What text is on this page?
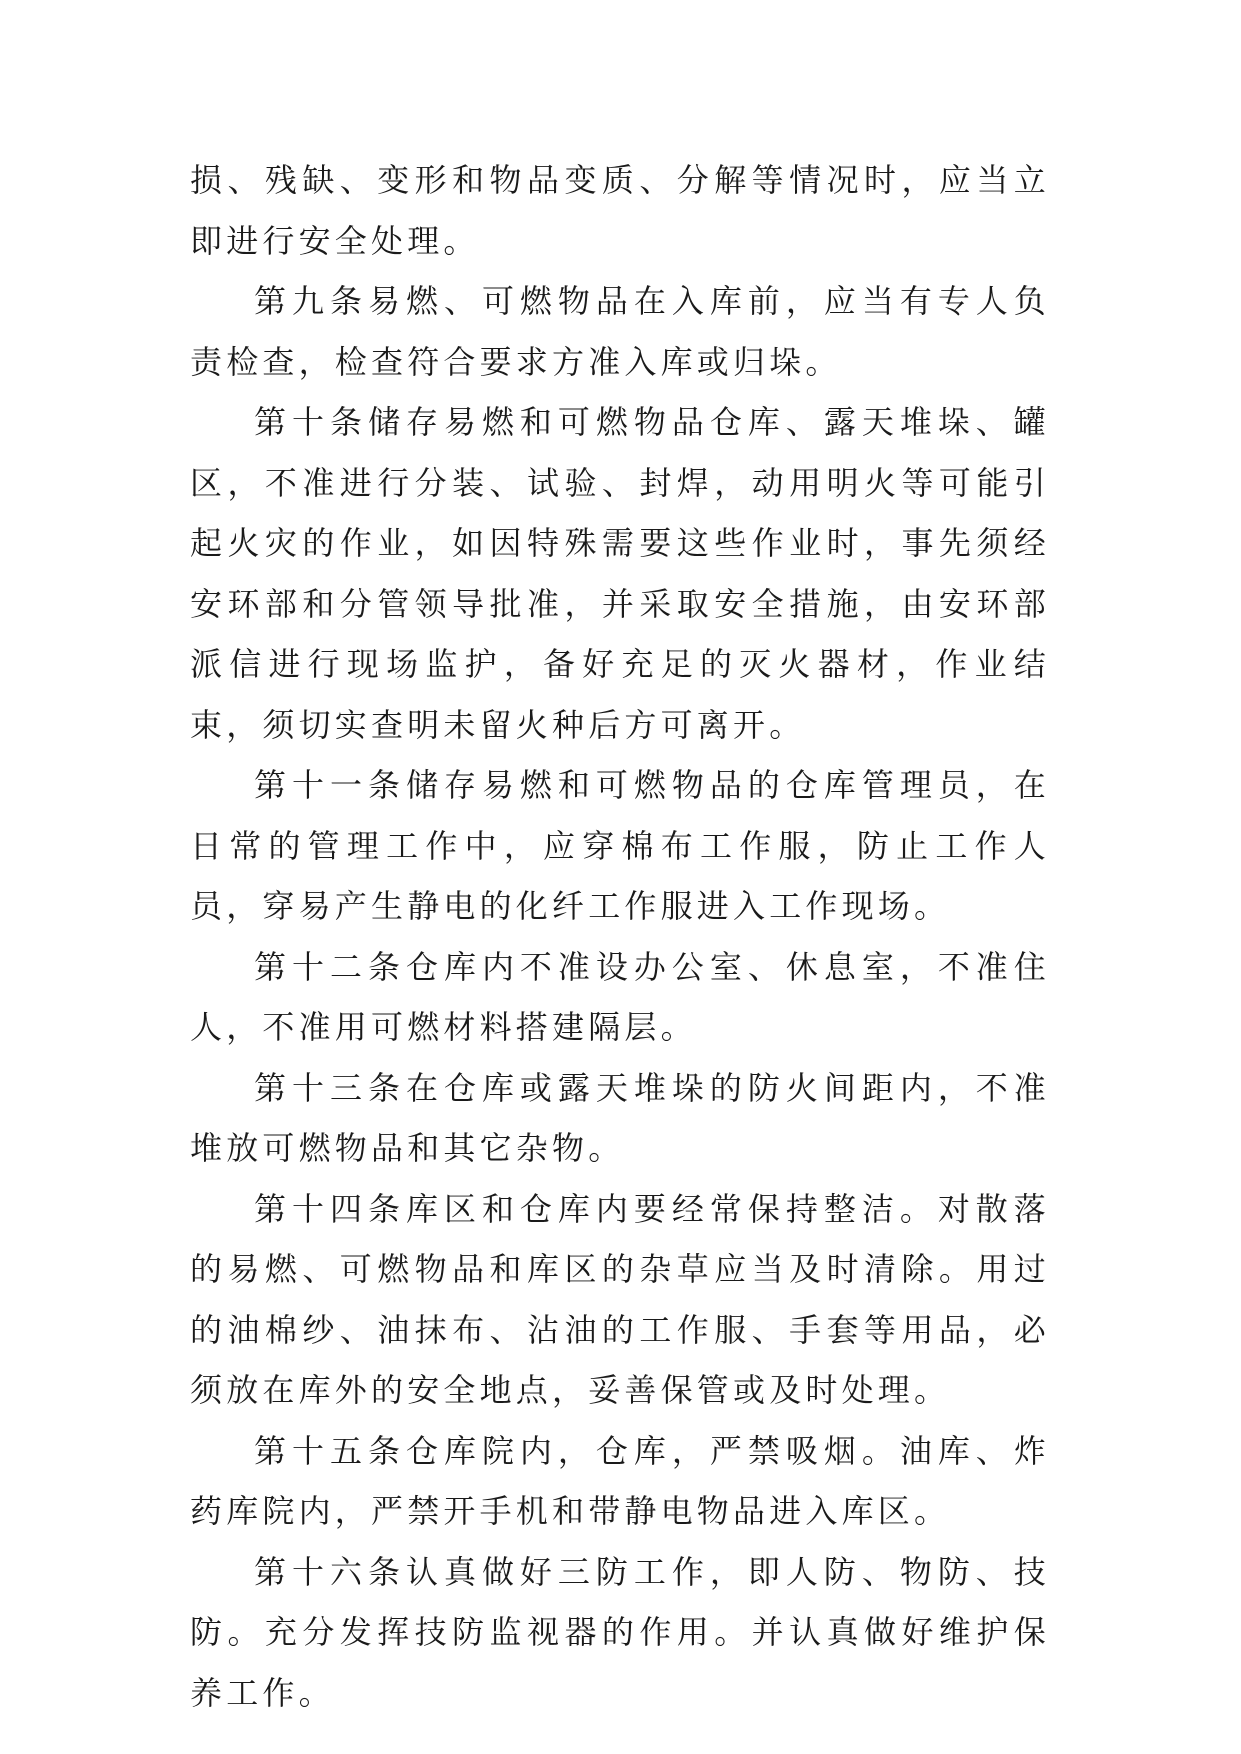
损、残缺、变形和物品变质、分解等情况时，应当立即进行安全处理。

第九条易燃、可燃物品在入库前，应当有专人负责检查，检查符合要求方准入库或归垛。

第十条储存易燃和可燃物品仓库、露天堆垛、罐区，不准进行分装、试验、封焊，动用明火等可能引起火灾的作业，如因特殊需要这些作业时，事先须经安环部和分管领导批准，并采取安全措施，由安环部派信进行现场监护，备好充足的灭火器材，作业结束，须切实查明未留火种后方可离开。

第十一条储存易燃和可燃物品的仓库管理员，在日常的管理工作中，应穿棉布工作服，防止工作人员，穿易产生静电的化纤工作服进入工作现场。

第十二条仓库内不准设办公室、休息室，不准住人，不准用可燃材料搭建隔层。

第十三条在仓库或露天堆垛的防火间距内，不准堆放可燃物品和其它杂物。

第十四条库区和仓库内要经常保持整洁。对散落的易燃、可燃物品和库区的杂草应当及时清除。用过的油棉纱、油抹布、沾油的工作服、手套等用品，必须放在库外的安全地点，妥善保管或及时处理。

第十五条仓库院内，仓库，严禁吸烟。油库、炸药库院内，严禁开手机和带静电物品进入库区。

第十六条认真做好三防工作，即人防、物防、技防。充分发挥技防监视器的作用。并认真做好维护保养工作。
